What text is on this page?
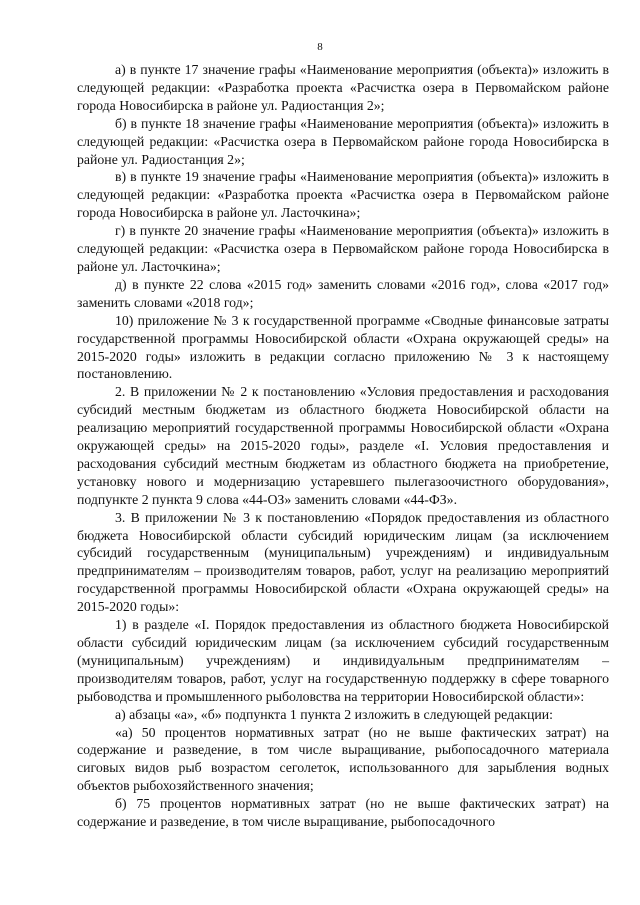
8

а) в пункте 17 значение графы «Наименование мероприятия (объекта)» изложить в следующей редакции: «Разработка проекта «Расчистка озера в Первомайском районе города Новосибирска в районе ул. Радиостанция 2»;

б) в пункте 18 значение графы «Наименование мероприятия (объекта)» изложить в следующей редакции: «Расчистка озера в Первомайском районе города Новосибирска в районе ул. Радиостанция 2»;

в) в пункте 19 значение графы «Наименование мероприятия (объекта)» изложить в следующей редакции: «Разработка проекта «Расчистка озера в Первомайском районе города Новосибирска в районе ул. Ласточкина»;

г) в пункте 20 значение графы «Наименование мероприятия (объекта)» изложить в следующей редакции: «Расчистка озера в Первомайском районе города Новосибирска в районе ул. Ласточкина»;

д) в пункте 22 слова «2015 год» заменить словами «2016 год», слова «2017 год» заменить словами «2018 год»;

10) приложение № 3 к государственной программе «Сводные финансовые затраты государственной программы Новосибирской области «Охрана окружающей среды» на 2015-2020 годы» изложить в редакции согласно приложению № 3 к настоящему постановлению.

2. В приложении № 2 к постановлению «Условия предоставления и расходования субсидий местным бюджетам из областного бюджета Новосибирской области на реализацию мероприятий государственной программы Новосибирской области «Охрана окружающей среды» на 2015-2020 годы», разделе «I. Условия предоставления и расходования субсидий местным бюджетам из областного бюджета на приобретение, установку нового и модернизацию устаревшего пылегазоочистного оборудования», подпункте 2 пункта 9 слова «44-ОЗ» заменить словами «44-ФЗ».

3. В приложении № 3 к постановлению «Порядок предоставления из областного бюджета Новосибирской области субсидий юридическим лицам (за исключением субсидий государственным (муниципальным) учреждениям) и индивидуальным предпринимателям – производителям товаров, работ, услуг на реализацию мероприятий государственной программы Новосибирской области «Охрана окружающей среды» на 2015-2020 годы»:

1) в разделе «I. Порядок предоставления из областного бюджета Новосибирской области субсидий юридическим лицам (за исключением субсидий государственным (муниципальным) учреждениям) и индивидуальным предпринимателям – производителям товаров, работ, услуг на государственную поддержку в сфере товарного рыбоводства и промышленного рыболовства на территории Новосибирской области»:

а) абзацы «а», «б» подпункта 1 пункта 2 изложить в следующей редакции:

«а) 50 процентов нормативных затрат (но не выше фактических затрат) на содержание и разведение, в том числе выращивание, рыбопосадочного материала сиговых видов рыб возрастом сеголеток, использованного для зарыбления водных объектов рыбохозяйственного значения;

б) 75 процентов нормативных затрат (но не выше фактических затрат) на содержание и разведение, в том числе выращивание, рыбопосадочного
